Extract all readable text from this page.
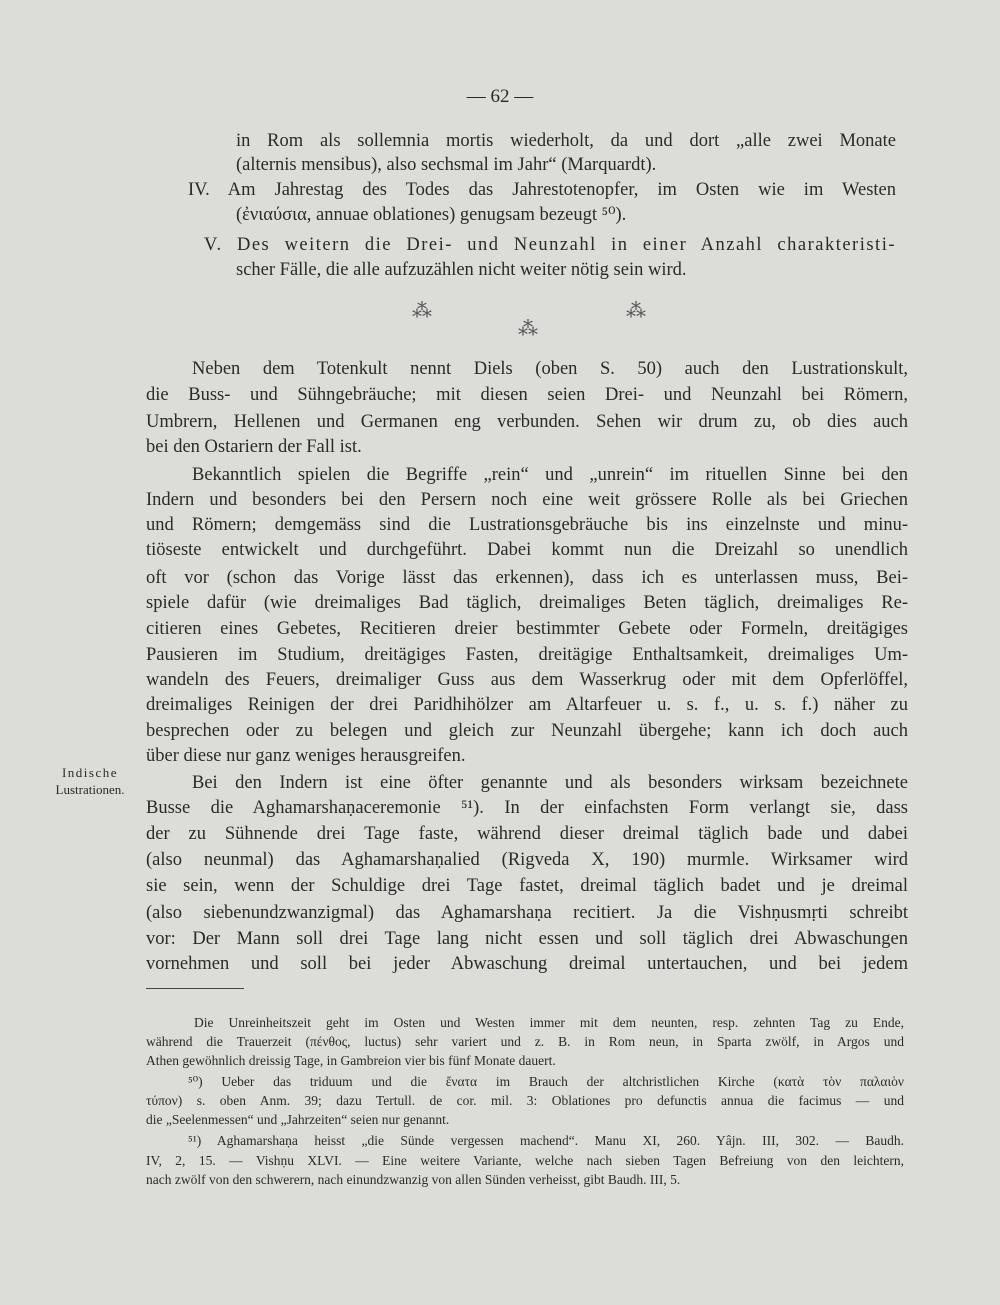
— 62 —
in Rom als sollemnia mortis wiederholt, da und dort „alle zwei Monate
(alternis mensibus), also sechsmal im Jahr“ (Marquardt).
IV. Am Jahrestag des Todes das Jahrestotenopfer, im Osten wie im Westen
(ἐνιαύσια, annuae oblationes) genugsam bezeugt ⁵⁰).
V. Des weitern die Drei- und Neunzahl in einer Anzahl charakteristi-
scher Fälle, die alle aufzuzählen nicht weiter nötig sein wird.
⁂	⁂
⁂
Neben dem Totenkult nennt Diels (oben S. 50) auch den Lustrationskult,
die Buss- und Sühngebräuche; mit diesen seien Drei- und Neunzahl bei Römern,
Umbrern, Hellenen und Germanen eng verbunden. Sehen wir drum zu, ob dies auch
bei den Ostariern der Fall ist.
Bekanntlich spielen die Begriffe „rein“ und „unrein“ im rituellen Sinne bei den
Indern und besonders bei den Persern noch eine weit grössere Rolle als bei Griechen
und Römern; demgemäss sind die Lustrationsgebräuche bis ins einzelnste und minu-
tiöseste entwickelt und durchgeführt. Dabei kommt nun die Dreizahl so unendlich
oft vor (schon das Vorige lässt das erkennen), dass ich es unterlassen muss, Bei-
spiele dafür (wie dreimaliges Bad täglich, dreimaliges Beten täglich, dreimaliges Re-
citieren eines Gebetes, Recitieren dreier bestimmter Gebete oder Formeln, dreitägiges
Pausieren im Studium, dreitägiges Fasten, dreitägige Enthaltsamkeit, dreimaliges Um-
wandeln des Feuers, dreimaliger Guss aus dem Wasserkrug oder mit dem Opferlöffel,
dreimaliges Reinigen der drei Paridhihölzer am Altarfeuer u. s. f., u. s. f.) näher zu
besprechen oder zu belegen und gleich zur Neunzahl übergehe; kann ich doch auch
über diese nur ganz weniges herausgreifen.
Indische
Lustrationen.	Bei den Indern ist eine öfter genannte und als besonders wirksam bezeichnete
Busse die Aghamarshaṇaceremonie ⁵¹). In der einfachsten Form verlangt sie, dass
der zu Sühnende drei Tage faste, während dieser dreimal täglich bade und dabei
(also neunmal) das Aghamarshaṇalied (Rigveda X, 190) murmle. Wirksamer wird
sie sein, wenn der Schuldige drei Tage fastet, dreimal täglich badet und je dreimal
(also siebenundzwanzigmal) das Aghamarshaṇa recitiert. Ja die Vishṇusmṛti schreibt
vor: Der Mann soll drei Tage lang nicht essen und soll täglich drei Abwaschungen
vornehmen und soll bei jeder Abwaschung dreimal untertauchen, und bei jedem
Die Unreinheitszeit geht im Osten und Westen immer mit dem neunten, resp. zehnten Tag zu Ende,
während die Trauerzeit (πένθος, luctus) sehr variert und z. B. in Rom neun, in Sparta zwölf, in Argos und
Athen gewöhnlich dreissig Tage, in Gambreion vier bis fünf Monate dauert.
⁵⁰) Ueber das triduum und die ἔνατα im Brauch der altchristlichen Kirche (κατὰ τὸν παλαιὸν
τύπον) s. oben Anm. 39; dazu Tertull. de cor. mil. 3: Oblationes pro defunctis annua die facimus — und
die „Seelenmessen“ und „Jahrzeiten“ seien nur genannt.
⁵¹) Aghamarshaṇa heisst „die Sünde vergessen machend“. Manu XI, 260. Yâjn. III, 302. — Baudh.
IV, 2, 15. — Vishṇu XLVI. — Eine weitere Variante, welche nach sieben Tagen Befreiung von den leichtern,
nach zwölf von den schwerern, nach einundzwanzig von allen Sünden verheisst, gibt Baudh. III, 5.
